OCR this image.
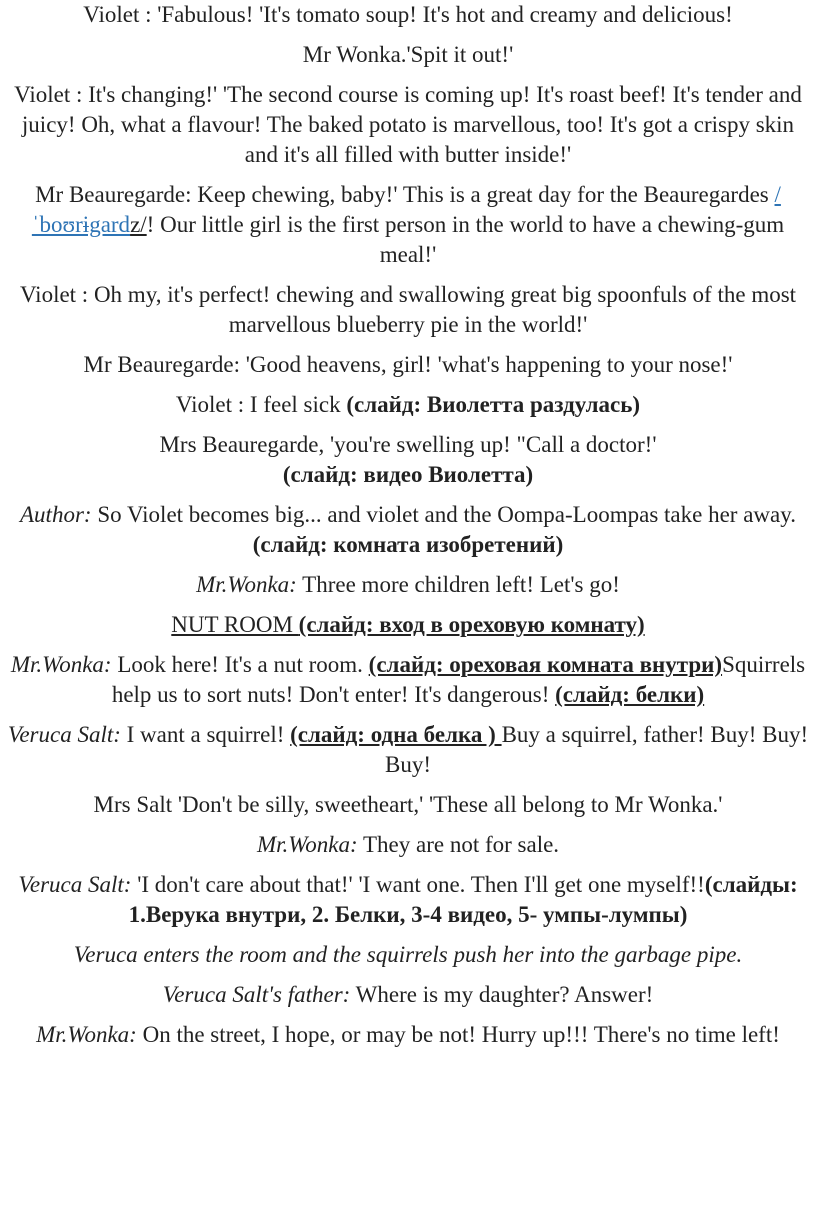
Violet : 'Fabulous! 'It's tomato soup! It's hot and creamy and delicious!

Mr Wonka.'Spit it out!'

Violet : It's changing!' 'The second course is coming up! It's roast beef! It's tender and juicy! Oh, what a flavour! The baked potato is marvellous, too! It's got a crispy skin and it's all filled with butter inside!'

Mr Beauregarde: Keep chewing, baby!' This is a great day for the Beauregardes /ˈboʊrɨgardz/! Our little girl is the first person in the world to have a chewing-gum meal!'

Violet : Oh my, it's perfect! chewing and swallowing great big spoonfuls of the most marvellous blueberry pie in the world!'

Mr Beauregarde: 'Good heavens, girl! 'what's happening to your nose!'

Violet : I feel sick (слайд: Виолетта раздулась)

Mrs Beauregarde, 'you're swelling up! "Call a doctor!'
(слайд: видео Виолетта)

Author: So Violet becomes big... and violet and the Oompa-Loompas take her away. (слайд: комната изобретений)

Mr.Wonka: Three more children left! Let's go!

NUT ROOM (слайд: вход в ореховую комнату)

Mr.Wonka: Look here! It's a nut room. (слайд: ореховая комната внутри)Squirrels help us to sort nuts! Don't enter! It's dangerous! (слайд: белки)

Veruca Salt: I want a squirrel! (слайд: одна белка ) Buy a squirrel, father! Buy! Buy! Buy!

Mrs Salt 'Don't be silly, sweetheart,' 'These all belong to Mr Wonka.'

Mr.Wonka: They are not for sale.

Veruca Salt: 'I don't care about that!' 'I want one. Then I'll get one myself!!(слайды: 1.Верука внутри, 2. Белки, 3-4 видео, 5- умпы-лумпы)

Veruca enters the room and the squirrels push her into the garbage pipe.

Veruca Salt's father: Where is my daughter? Answer!

Mr.Wonka: On the street, I hope, or may be not! Hurry up!!! There's no time left!
